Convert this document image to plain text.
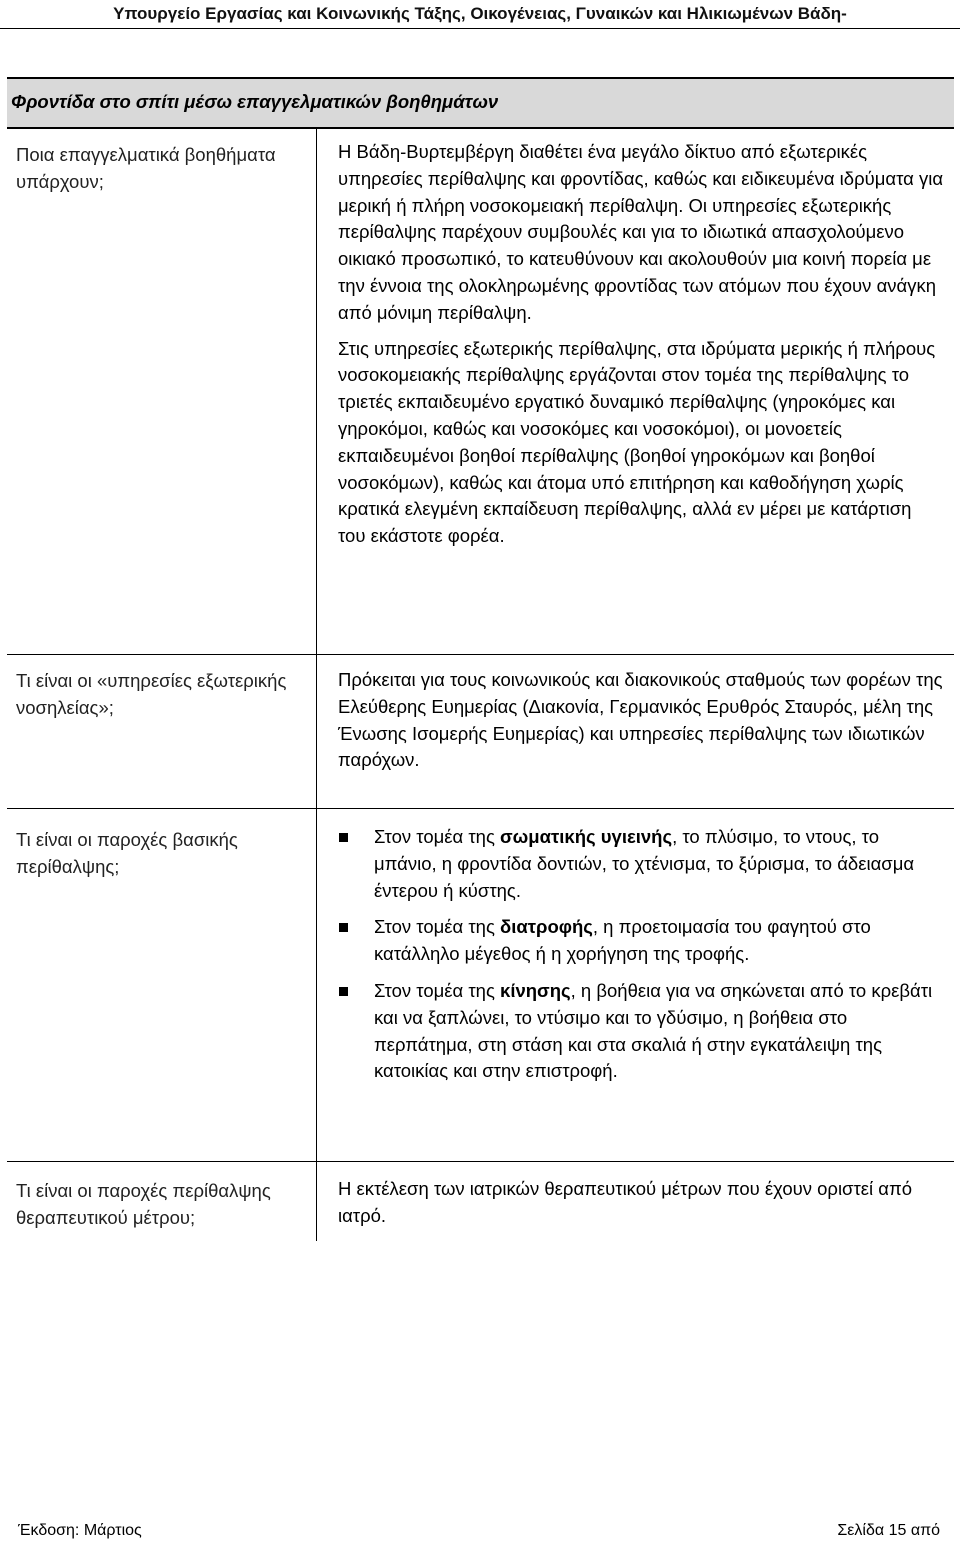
Υπουργείο Εργασίας και Κοινωνικής Τάξης, Οικογένειας, Γυναικών και Ηλικιωμένων Βάδη-
Φροντίδα στο σπίτι μέσω επαγγελματικών βοηθημάτων
Ποια επαγγελματικά βοηθήματα υπάρχουν;

Η Βάδη-Βυρτεμβέργη διαθέτει ένα μεγάλο δίκτυο από εξωτερικές υπηρεσίες περίθαλψης και φροντίδας, καθώς και ειδικευμένα ιδρύματα για μερική ή πλήρη νοσοκομειακή περίθαλψη. Οι υπηρεσίες εξωτερικής περίθαλψης παρέχουν συμβουλές και για το ιδιωτικά απασχολούμενο οικιακό προσωπικό, το κατευθύνουν και ακολουθούν μια κοινή πορεία με την έννοια της ολοκληρωμένης φροντίδας των ατόμων που έχουν ανάγκη από μόνιμη περίθαλψη.

Στις υπηρεσίες εξωτερικής περίθαλψης, στα ιδρύματα μερικής ή πλήρους νοσοκομειακής περίθαλψης εργάζονται στον τομέα της περίθαλψης το τριετές εκπαιδευμένο εργατικό δυναμικό περίθαλψης (γηροκόμες και γηροκόμοι, καθώς και νοσοκόμες και νοσοκόμοι), οι μονοετείς εκπαιδευμένοι βοηθοί περίθαλψης (βοηθοί γηροκόμων και βοηθοί νοσοκόμων), καθώς και άτομα υπό επιτήρηση και καθοδήγηση χωρίς κρατικά ελεγμένη εκπαίδευση περίθαλψης, αλλά εν μέρει με κατάρτιση του εκάστοτε φορέα.

Τι είναι οι «υπηρεσίες εξωτερικής νοσηλείας»;

Πρόκειται για τους κοινωνικούς και διακονικούς σταθμούς των φορέων της Ελεύθερης Ευημερίας (Διακονία, Γερμανικός Ερυθρός Σταυρός, μέλη της Ένωσης Ισομερής Ευημερίας) και υπηρεσίες περίθαλψης των ιδιωτικών παρόχων.

Τι είναι οι παροχές βασικής περίθαλψης;
Στον τομέα της σωματικής υγιεινής, το πλύσιμο, το ντους, το μπάνιο, η φροντίδα δοντιών, το χτένισμα, το ξύρισμα, το άδειασμα έντερου ή κύστης.
Στον τομέα της διατροφής, η προετοιμασία του φαγητού στο κατάλληλο μέγεθος ή η χορήγηση της τροφής.
Στον τομέα της κίνησης, η βοήθεια για να σηκώνεται από το κρεβάτι και να ξαπλώνει, το ντύσιμο και το γδύσιμο, η βοήθεια στο περπάτημα, στη στάση και στα σκαλιά ή στην εγκατάλειψη της κατοικίας και στην επιστροφή.
Τι είναι οι παροχές περίθαλψης θεραπευτικού μέτρου;

Η εκτέλεση των ιατρικών θεραπευτικού μέτρων που έχουν οριστεί από ιατρό.

Έκδοση: Μάρτιος	Σελίδα 15 από
